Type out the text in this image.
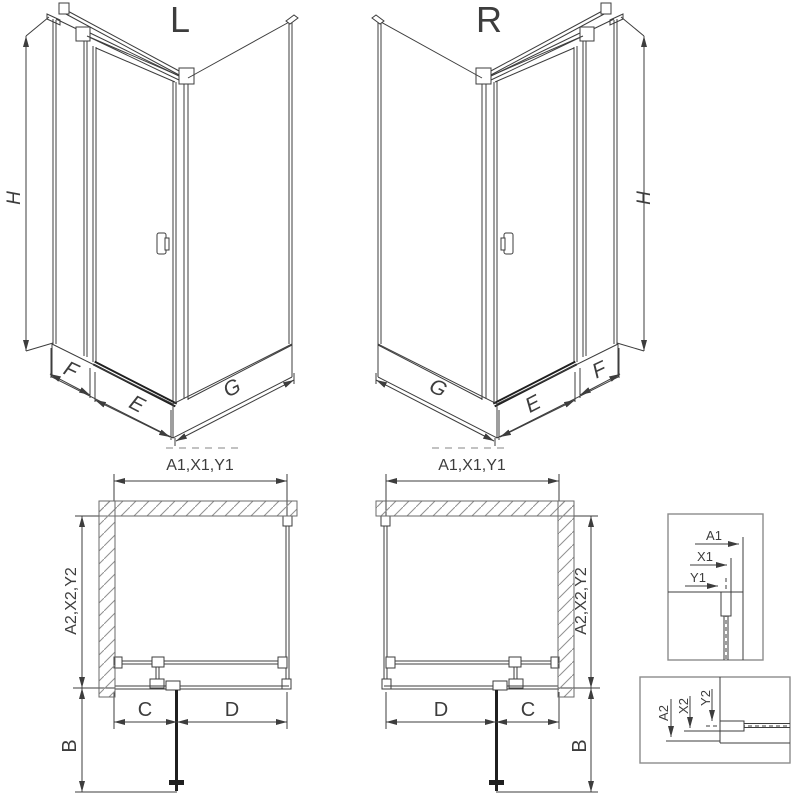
L
H
F
E
G
R
H
G
E
F
A1,X1,Y1
A2,X2,Y2
C	D
B
A1,X1,Y1
A2,X2,Y2
D	C
B
A1
X1
Y1
A2 X2
Y2
